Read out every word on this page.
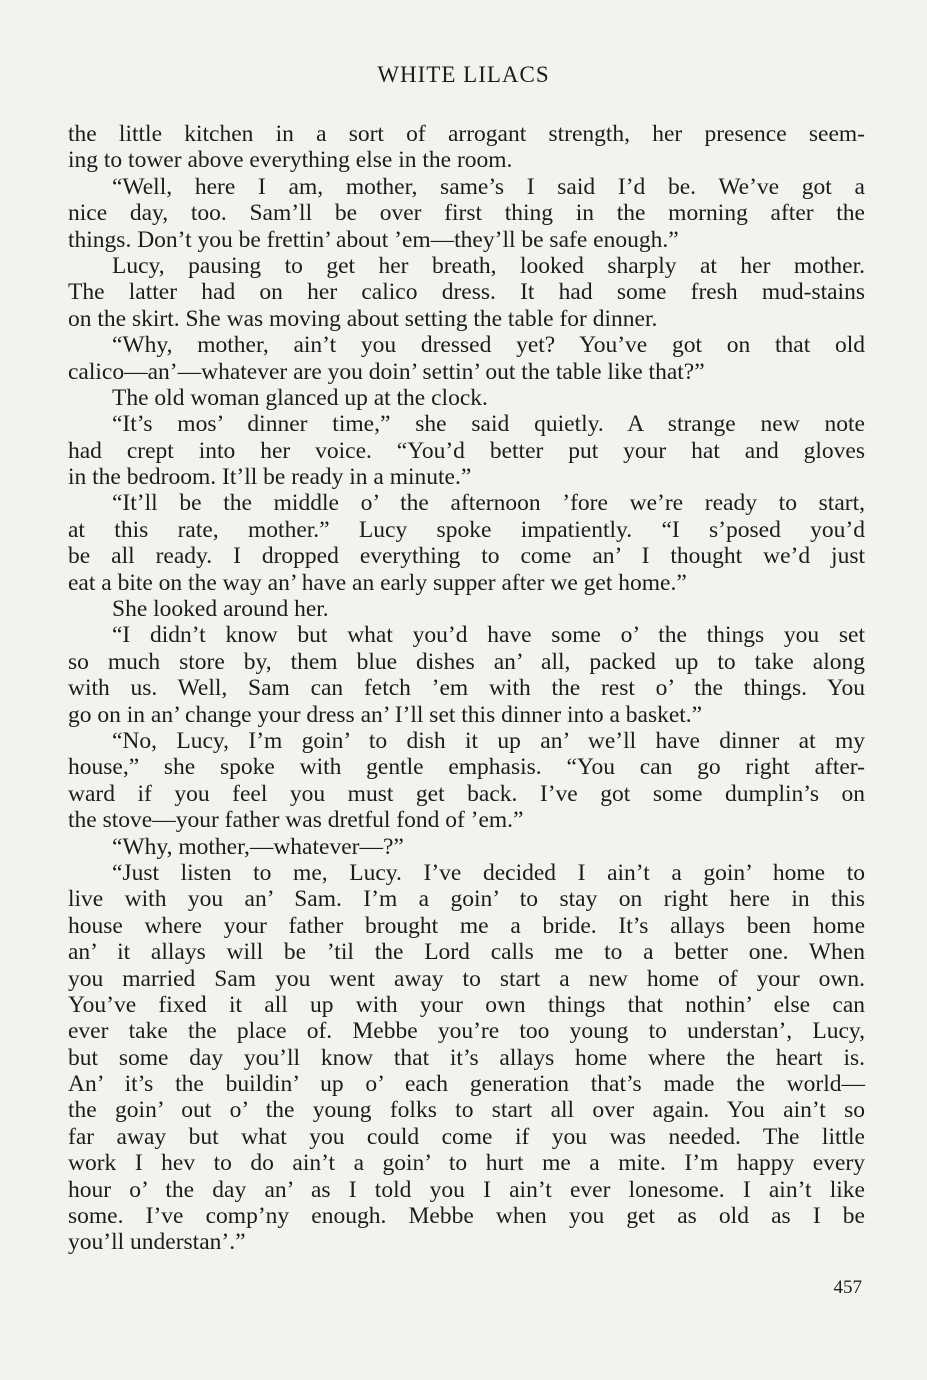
WHITE LILACS
the little kitchen in a sort of arrogant strength, her presence seem-
ing to tower above everything else in the room.
“Well, here I am, mother, same’s I said I’d be. We’ve got a
nice day, too. Sam’ll be over first thing in the morning after the
things. Don’t you be frettin’ about ’em—they’ll be safe enough.”
Lucy, pausing to get her breath, looked sharply at her mother.
The latter had on her calico dress. It had some fresh mud-stains
on the skirt. She was moving about setting the table for dinner.
“Why, mother, ain’t you dressed yet? You’ve got on that old
calico—an’—whatever are you doin’ settin’ out the table like that?”
The old woman glanced up at the clock.
“It’s mos’ dinner time,” she said quietly. A strange new note
had crept into her voice. “You’d better put your hat and gloves
in the bedroom. It’ll be ready in a minute.”
“It’ll be the middle o’ the afternoon ’fore we’re ready to start,
at this rate, mother.” Lucy spoke impatiently. “I s’posed you’d
be all ready. I dropped everything to come an’ I thought we’d just
eat a bite on the way an’ have an early supper after we get home.”
She looked around her.
“I didn’t know but what you’d have some o’ the things you set
so much store by, them blue dishes an’ all, packed up to take along
with us. Well, Sam can fetch ’em with the rest o’ the things. You
go on in an’ change your dress an’ I’ll set this dinner into a basket.”
“No, Lucy, I’m goin’ to dish it up an’ we’ll have dinner at my
house,” she spoke with gentle emphasis. “You can go right after-
ward if you feel you must get back. I’ve got some dumplin’s on
the stove—your father was dretful fond of ’em.”
“Why, mother,—whatever—?”
“Just listen to me, Lucy. I’ve decided I ain’t a goin’ home to
live with you an’ Sam. I’m a goin’ to stay on right here in this
house where your father brought me a bride. It’s allays been home
an’ it allays will be ’til the Lord calls me to a better one. When
you married Sam you went away to start a new home of your own.
You’ve fixed it all up with your own things that nothin’ else can
ever take the place of. Mebbe you’re too young to understan’, Lucy,
but some day you’ll know that it’s allays home where the heart is.
An’ it’s the buildin’ up o’ each generation that’s made the world—
the goin’ out o’ the young folks to start all over again. You ain’t so
far away but what you could come if you was needed. The little
work I hev to do ain’t a goin’ to hurt me a mite. I’m happy every
hour o’ the day an’ as I told you I ain’t ever lonesome. I ain’t like
some. I’ve comp’ny enough. Mebbe when you get as old as I be
you’ll understan’.”
457
